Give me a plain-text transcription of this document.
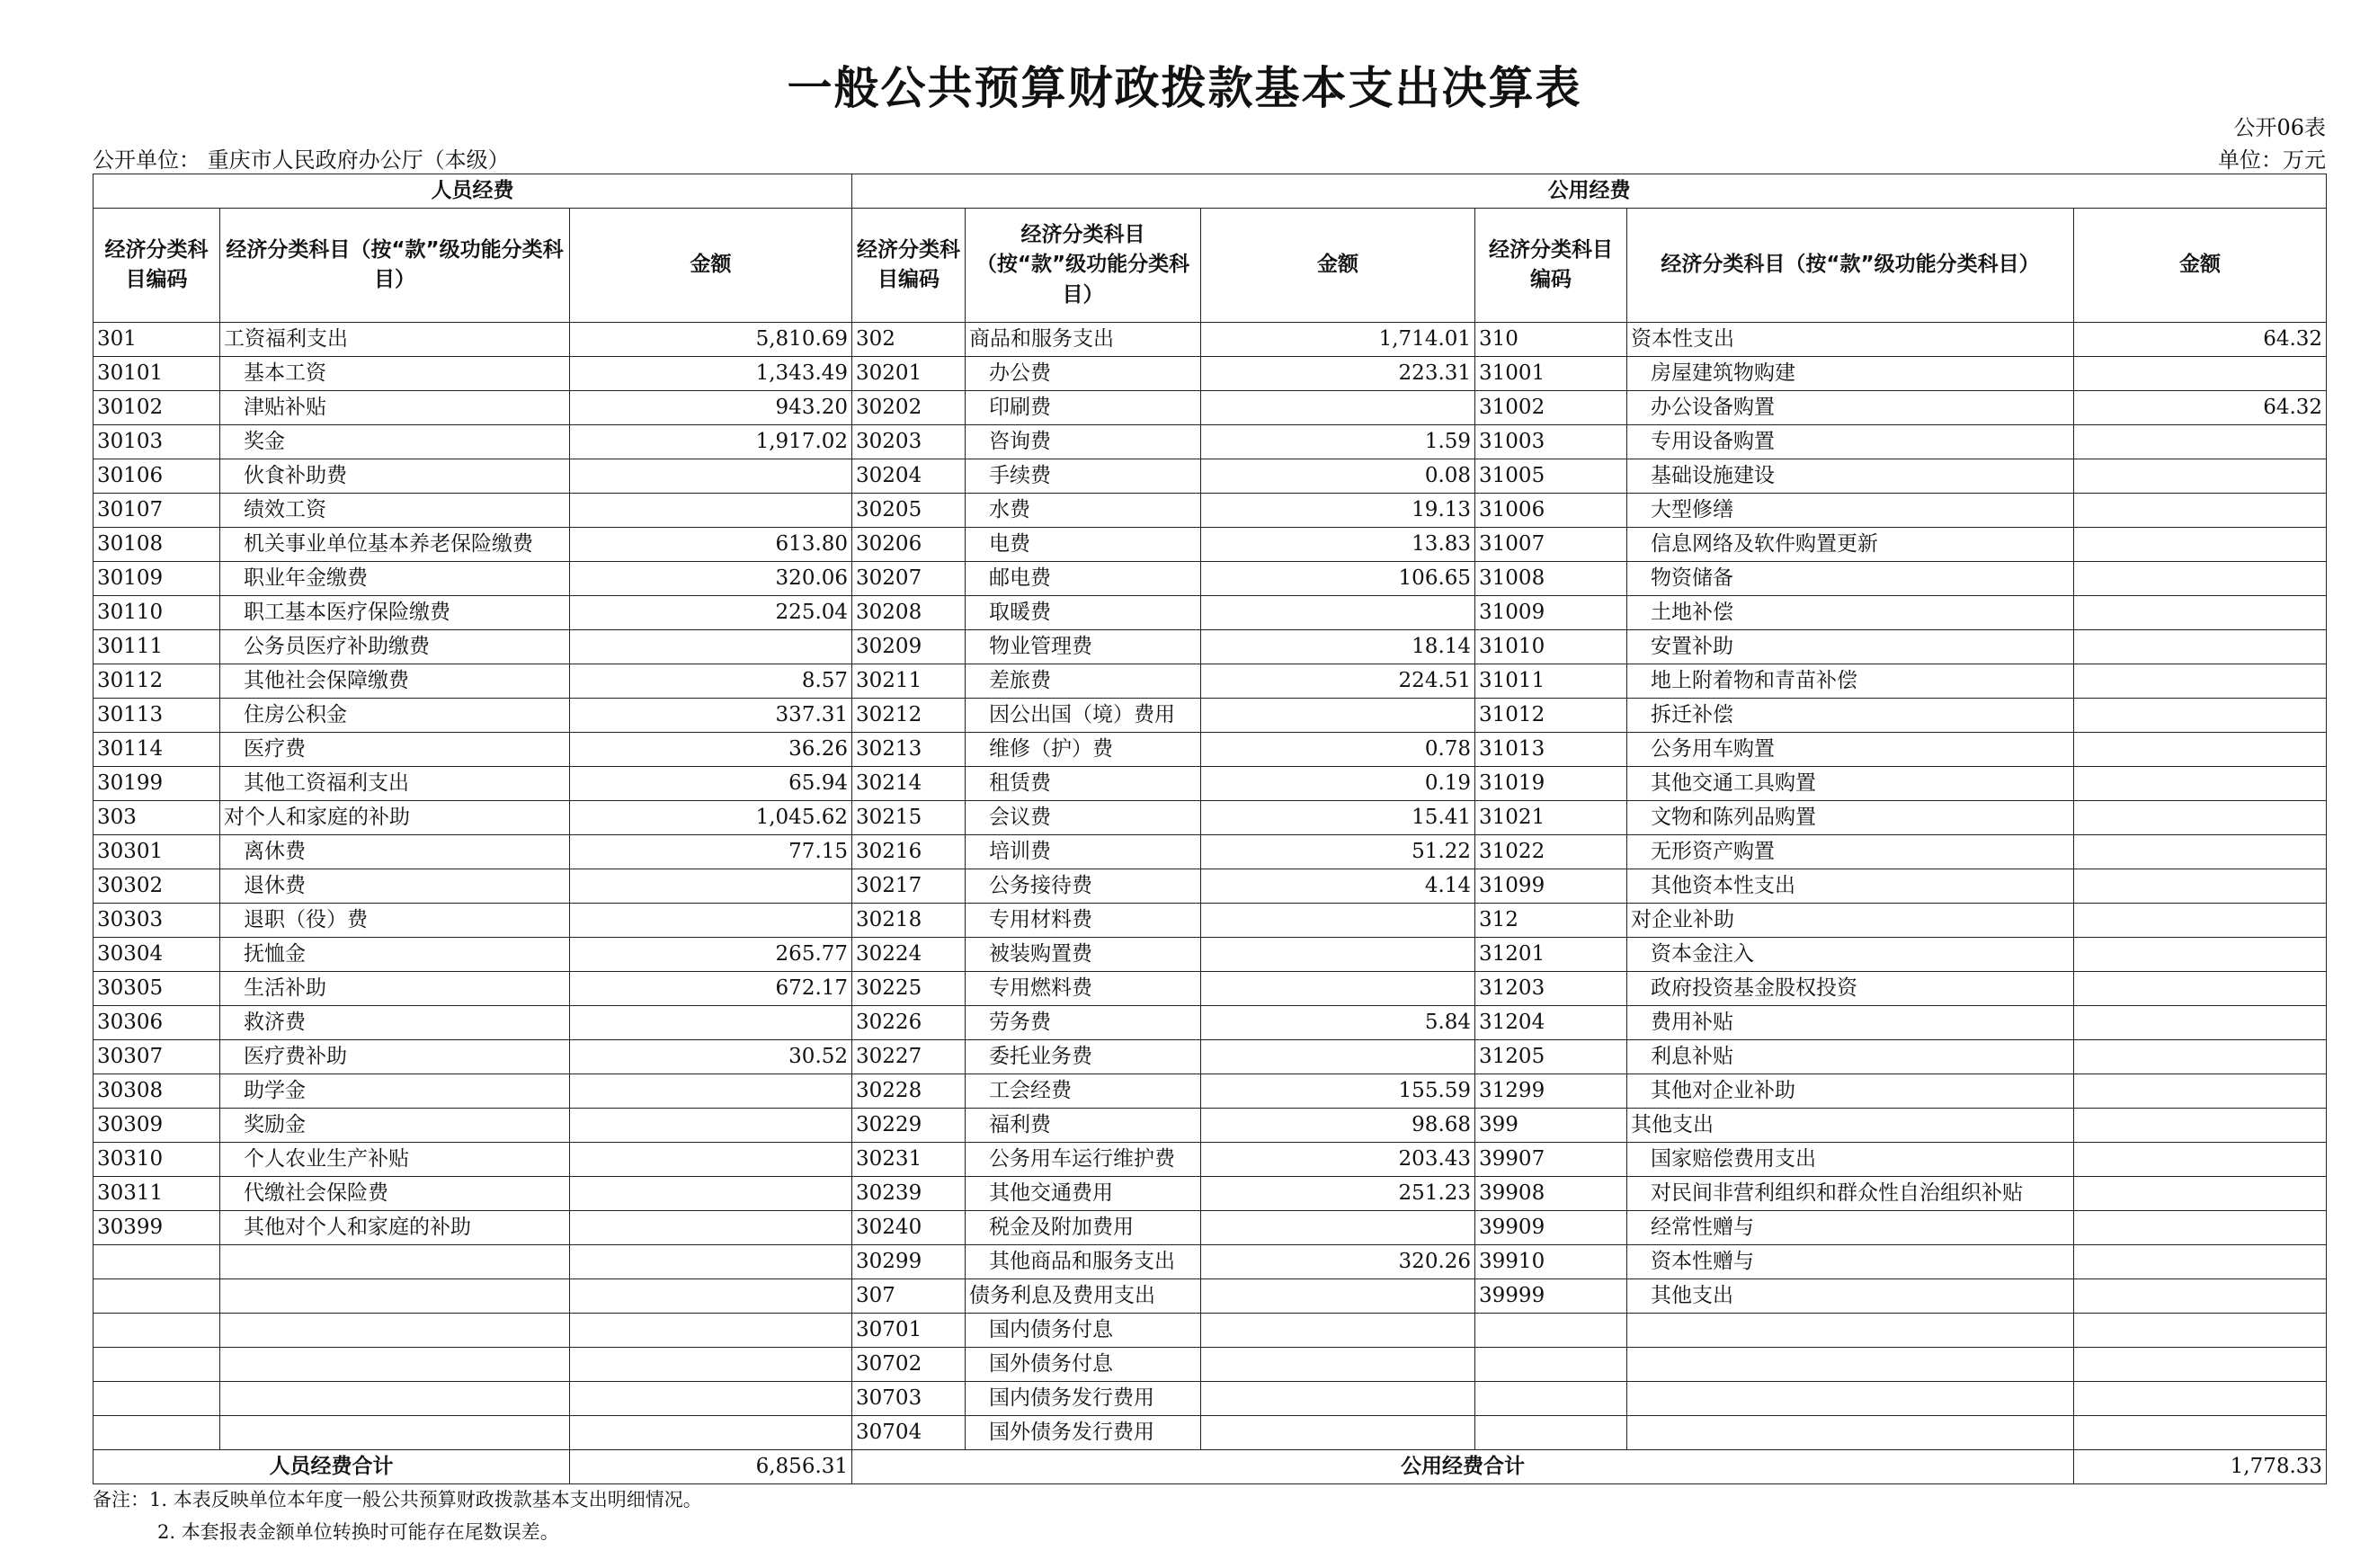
一般公共预算财政拨款基本支出决算表
公开06表
公开单位： 重庆市人民政府办公厅（本级）	单位：万元
人员经费			公用经费					
经济分类科目编码	经济分类科目（按“款”级功能分类科目）	金额	经济分类科目编码	经济分类科目（按“款”级功能分类科目）	金额	经济分类科目编码	经济分类科目（按“款”级功能分类科目）	金额
301	工资福利支出	5,810.69	302	商品和服务支出	1,714.01	310	资本性支出	64.32
30101	基本工资	1,343.49	30201	办公费	223.31	31001	房屋建筑物购建	
30102	津贴补贴	943.20	30202	印刷费		31002	办公设备购置	64.32
30103	奖金	1,917.02	30203	咨询费	1.59	31003	专用设备购置	
30106	伙食补助费		30204	手续费	0.08	31005	基础设施建设	
30107	绩效工资		30205	水费	19.13	31006	大型修缮	
30108	机关事业单位基本养老保险缴费	613.80	30206	电费	13.83	31007	信息网络及软件购置更新	
30109	职业年金缴费	320.06	30207	邮电费	106.65	31008	物资储备	
30110	职工基本医疗保险缴费	225.04	30208	取暖费		31009	土地补偿	
30111	公务员医疗补助缴费		30209	物业管理费	18.14	31010	安置补助	
30112	其他社会保障缴费	8.57	30211	差旅费	224.51	31011	地上附着物和青苗补偿	
30113	住房公积金	337.31	30212	因公出国（境）费用		31012	拆迁补偿	
30114	医疗费	36.26	30213	维修（护）费	0.78	31013	公务用车购置	
30199	其他工资福利支出	65.94	30214	租赁费	0.19	31019	其他交通工具购置	
303	对个人和家庭的补助	1,045.62	30215	会议费	15.41	31021	文物和陈列品购置	
30301	离休费	77.15	30216	培训费	51.22	31022	无形资产购置	
30302	退休费		30217	公务接待费	4.14	31099	其他资本性支出	
30303	退职（役）费		30218	专用材料费		312	对企业补助	
30304	抚恤金	265.77	30224	被装购置费		31201	资本金注入	
30305	生活补助	672.17	30225	专用燃料费		31203	政府投资基金股权投资	
30306	救济费		30226	劳务费	5.84	31204	费用补贴	
30307	医疗费补助	30.52	30227	委托业务费		31205	利息补贴	
30308	助学金		30228	工会经费	155.59	31299	其他对企业补助	
30309	奖励金		30229	福利费	98.68	399	其他支出	
30310	个人农业生产补贴		30231	公务用车运行维护费	203.43	39907	国家赔偿费用支出	
30311	代缴社会保险费		30239	其他交通费用	251.23	39908	对民间非营利组织和群众性自治组织补贴	
30399	其他对个人和家庭的补助		30240	税金及附加费用		39909	经常性赠与	
			30299	其他商品和服务支出	320.26	39910	资本性赠与	
			307	债务利息及费用支出		39999	其他支出	
			30701	国内债务付息				
			30702	国外债务付息				
			30703	国内债务发行费用				
			30704	国外债务发行费用				
人员经费合计		6,856.31	公用经费合计					1,778.33
备注：1. 本表反映单位本年度一般公共预算财政拨款基本支出明细情况。
2. 本套报表金额单位转换时可能存在尾数误差。
